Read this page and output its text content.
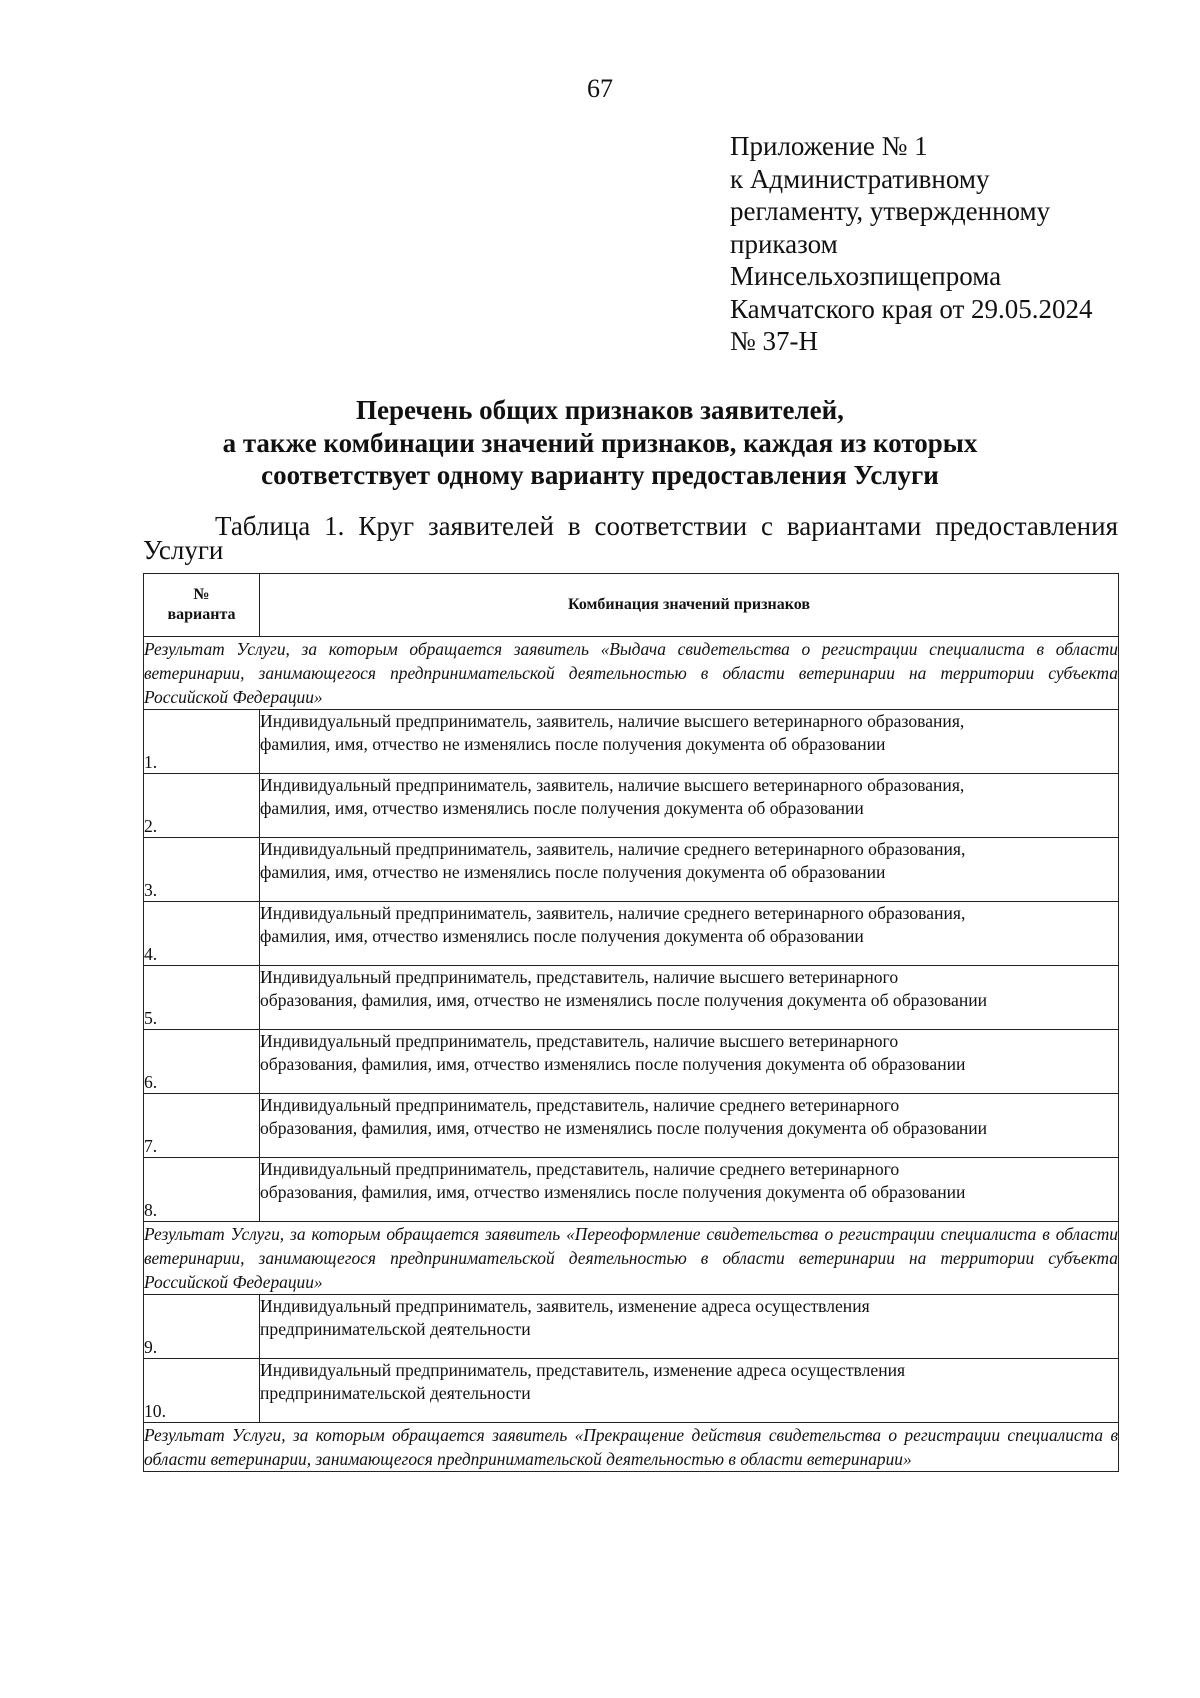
67
Приложение № 1
к Административному
регламенту, утвержденному
приказом
Минсельхозпищепрома
Камчатского края от 29.05.2024
№ 37-Н
Перечень общих признаков заявителей,
а также комбинации значений признаков, каждая из которых
соответствует одному варианту предоставления Услуги
Таблица 1. Круг заявителей в соответствии с вариантами предоставления
Услуги
№
варианта	Комбинация значений признаков
Результат Услуги, за которым обращается заявитель «Выдача свидетельства о регистрации специалиста в области ветеринарии, занимающегося предпринимательской деятельностью в области ветеринарии на территории субъекта Российской Федерации»	
1.	Индивидуальный предприниматель, заявитель, наличие высшего ветеринарного образования,
фамилия, имя, отчество не изменялись после получения документа об образовании
2.	Индивидуальный предприниматель, заявитель, наличие высшего ветеринарного образования,
фамилия, имя, отчество изменялись после получения документа об образовании
3.	Индивидуальный предприниматель, заявитель, наличие среднего ветеринарного образования,
фамилия, имя, отчество не изменялись после получения документа об образовании
4.	Индивидуальный предприниматель, заявитель, наличие среднего ветеринарного образования,
фамилия, имя, отчество изменялись после получения документа об образовании
5.	Индивидуальный предприниматель, представитель, наличие высшего ветеринарного
образования, фамилия, имя, отчество не изменялись после получения документа об образовании
6.	Индивидуальный предприниматель, представитель, наличие высшего ветеринарного
образования, фамилия, имя, отчество изменялись после получения документа об образовании
7.	Индивидуальный предприниматель, представитель, наличие среднего ветеринарного
образования, фамилия, имя, отчество не изменялись после получения документа об образовании
8.	Индивидуальный предприниматель, представитель, наличие среднего ветеринарного
образования, фамилия, имя, отчество изменялись после получения документа об образовании
Результат Услуги, за которым обращается заявитель «Переоформление свидетельства о регистрации специалиста в области ветеринарии, занимающегося предпринимательской деятельностью в области ветеринарии на территории субъекта Российской Федерации»	
9.	Индивидуальный предприниматель, заявитель, изменение адреса осуществления
предпринимательской деятельности
10.	Индивидуальный предприниматель, представитель, изменение адреса осуществления
предпринимательской деятельности
Результат Услуги, за которым обращается заявитель «Прекращение действия свидетельства о регистрации специалиста в области ветеринарии, занимающегося предпринимательской деятельностью в области ветеринарии»	
